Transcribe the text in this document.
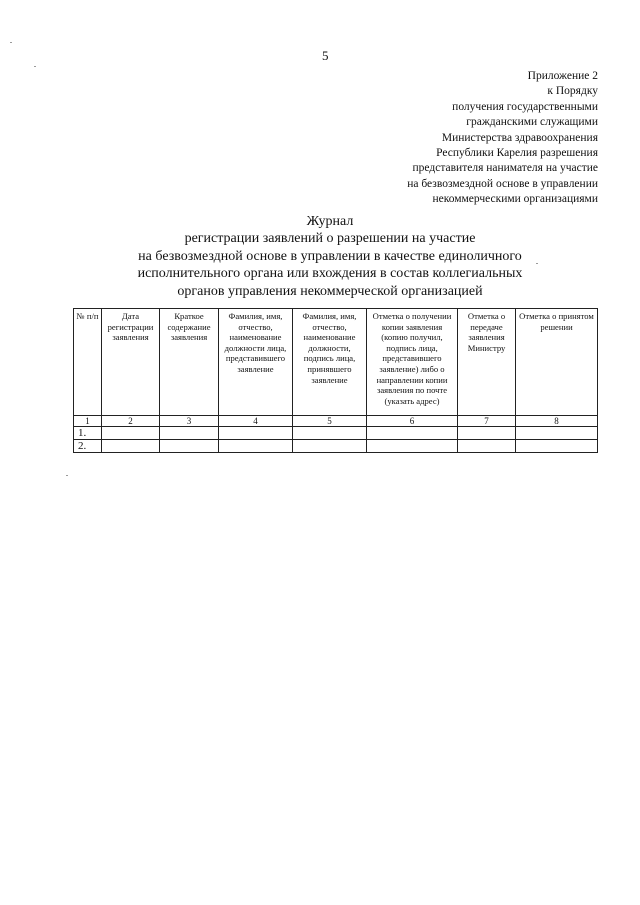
5
Приложение 2
к Порядку
получения государственными
гражданскими служащими
Министерства здравоохранения
Республики Карелия разрешения
представителя нанимателя на участие
на безвозмездной основе в управлении
некоммерческими организациями
Журнал
регистрации заявлений о разрешении на участие
на безвозмездной основе в управлении в качестве единоличного
исполнительного органа или вхождения в состав коллегиальных
органов управления некоммерческой организацией
№ п/п	Дата регистрации заявления	Краткое содержание заявления	Фамилия, имя, отчество, наименование должности лица, представившего заявление	Фамилия, имя, отчество, наименование должности, подпись лица, принявшего заявление	Отметка о получении копии заявления (копию получил, подпись лица, представившего заявление) либо о направлении копии заявления по почте (указать адрес)	Отметка о передаче заявления Министру	Отметка о принятом решении
1	2	3	4	5	6	7	8
1.							
2.							
